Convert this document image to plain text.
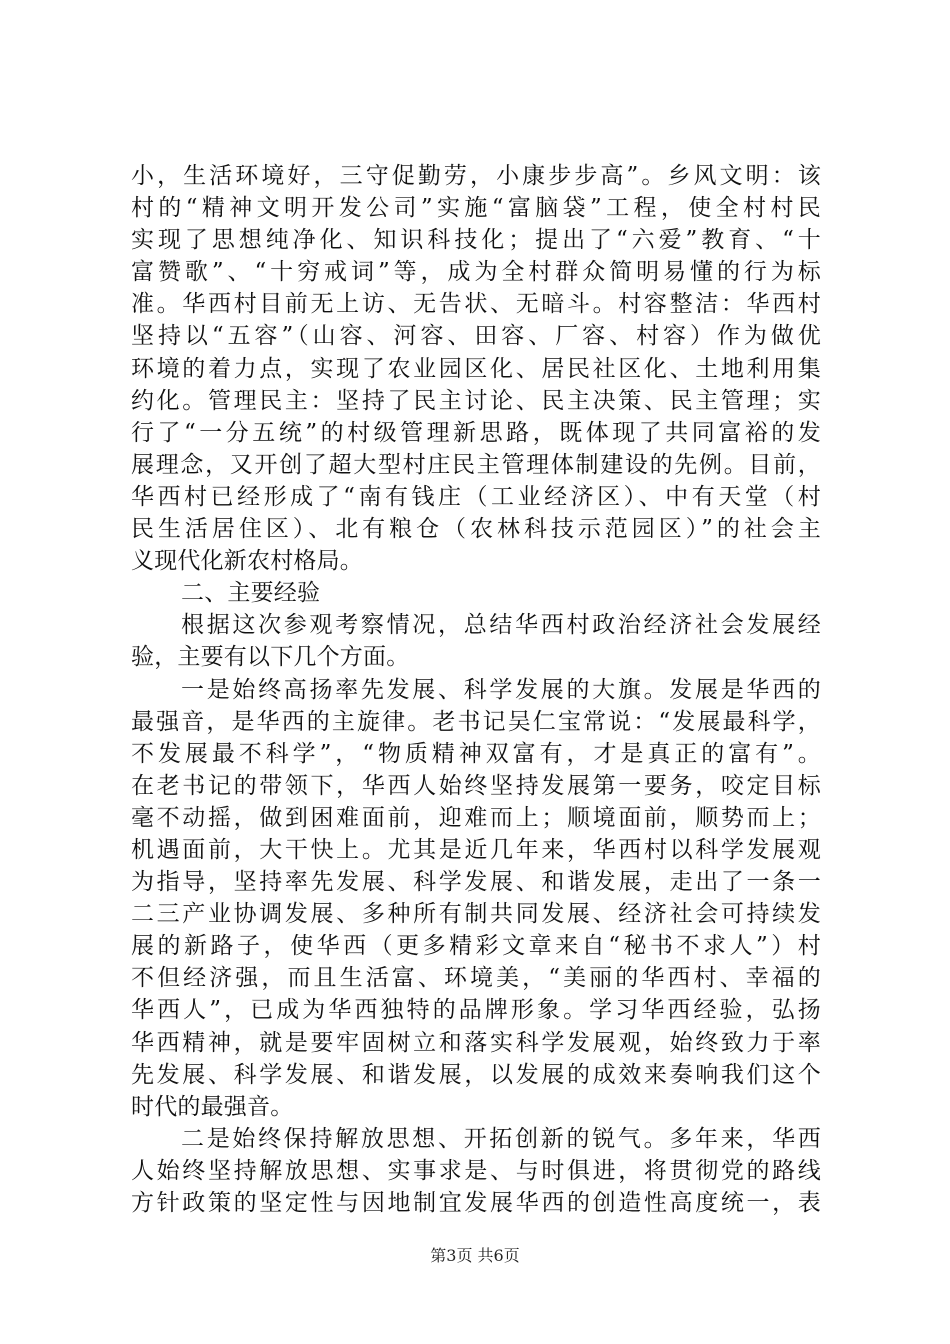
小，生活环境好，三守促勤劳，小康步步高”。乡风文明：该
村的“精神文明开发公司”实施“富脑袋”工程，使全村村民
实现了思想纯净化、知识科技化；提出了“六爱”教育、“十
富赞歌”、“十穷戒词”等，成为全村群众简明易懂的行为标
准。华西村目前无上访、无告状、无暗斗。村容整洁：华西村
坚持以“五容”（山容、河容、田容、厂容、村容）作为做优
环境的着力点，实现了农业园区化、居民社区化、土地利用集
约化。管理民主：坚持了民主讨论、民主决策、民主管理；实
行了“一分五统”的村级管理新思路，既体现了共同富裕的发
展理念，又开创了超大型村庄民主管理体制建设的先例。目前，
华西村已经形成了“南有钱庄（工业经济区）、中有天堂（村
民生活居住区）、北有粮仓（农林科技示范园区）”的社会主
义现代化新农村格局。
二、主要经验
根据这次参观考察情况，总结华西村政治经济社会发展经
验，主要有以下几个方面。
一是始终高扬率先发展、科学发展的大旗。发展是华西的
最强音，是华西的主旋律。老书记吴仁宝常说：“发展最科学，
不发展最不科学”，“物质精神双富有，才是真正的富有”。
在老书记的带领下，华西人始终坚持发展第一要务，咬定目标
毫不动摇，做到困难面前，迎难而上；顺境面前，顺势而上；
机遇面前，大干快上。尤其是近几年来，华西村以科学发展观
为指导，坚持率先发展、科学发展、和谐发展，走出了一条一
二三产业协调发展、多种所有制共同发展、经济社会可持续发
展的新路子，使华西（更多精彩文章来自“秘书不求人”）村
不但经济强，而且生活富、环境美，“美丽的华西村、幸福的
华西人”，已成为华西独特的品牌形象。学习华西经验，弘扬
华西精神，就是要牢固树立和落实科学发展观，始终致力于率
先发展、科学发展、和谐发展，以发展的成效来奏响我们这个
时代的最强音。
二是始终保持解放思想、开拓创新的锐气。多年来，华西
人始终坚持解放思想、实事求是、与时俱进，将贯彻党的路线
方针政策的坚定性与因地制宜发展华西的创造性高度统一，表
第3页 共6页
